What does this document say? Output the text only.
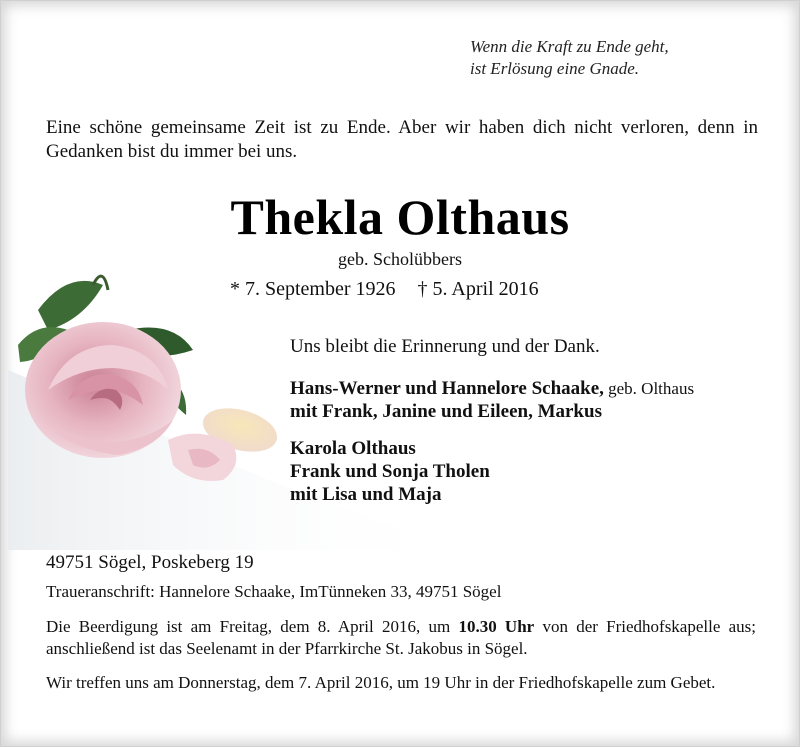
Wenn die Kraft zu Ende geht,
ist Erlösung eine Gnade.
Eine schöne gemeinsame Zeit ist zu Ende. Aber wir haben dich nicht verloren, denn in Gedanken bist du immer bei uns.
Thekla Olthaus
geb. Scholübbers
* 7. September 1926 † 5. April 2016
Uns bleibt die Erinnerung und der Dank.
Hans-Werner und Hannelore Schaake, geb. Olthaus
mit Frank, Janine und Eileen, Markus
Karola Olthaus
Frank und Sonja Tholen
mit Lisa und Maja
49751 Sögel, Poskeberg 19
Traueranschrift: Hannelore Schaake, ImTünneken 33, 49751 Sögel
Die Beerdigung ist am Freitag, dem 8. April 2016, um 10.30 Uhr von der Friedhofskapelle aus; anschließend ist das Seelenamt in der Pfarrkirche St. Jakobus in Sögel.
Wir treffen uns am Donnerstag, dem 7. April 2016, um 19 Uhr in der Friedhofskapelle zum Gebet.
